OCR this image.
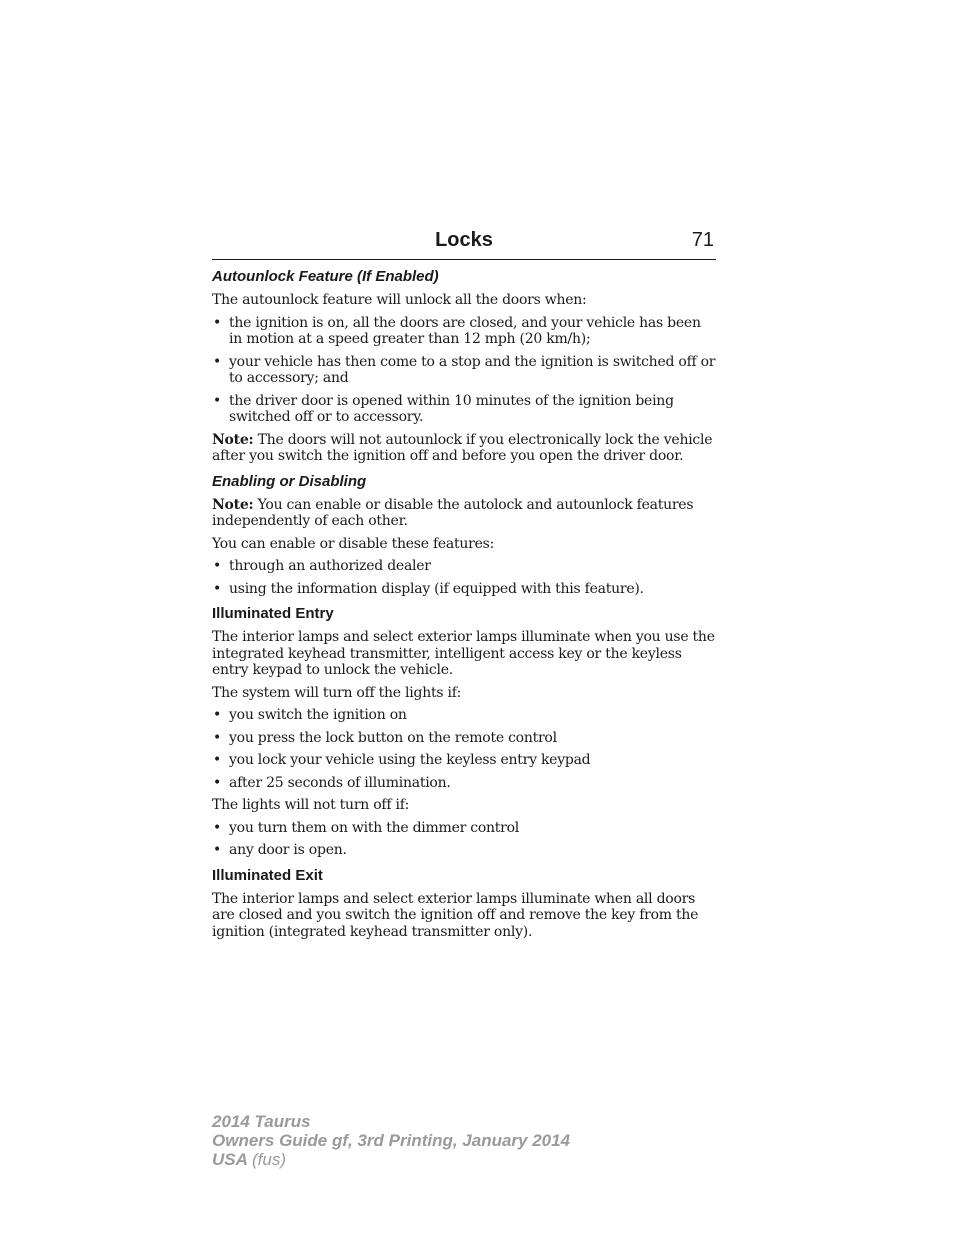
Locks	71
Autounlock Feature (If Enabled)

The autounlock feature will unlock all the doors when:

• the ignition is on, all the doors are closed, and your vehicle has been in motion at a speed greater than 12 mph (20 km/h);
• your vehicle has then come to a stop and the ignition is switched off or to accessory; and
• the driver door is opened within 10 minutes of the ignition being switched off or to accessory.

Note: The doors will not autounlock if you electronically lock the vehicle after you switch the ignition off and before you open the driver door.

Enabling or Disabling

Note: You can enable or disable the autolock and autounlock features independently of each other.

You can enable or disable these features:

• through an authorized dealer
• using the information display (if equipped with this feature).
Illuminated Entry

The interior lamps and select exterior lamps illuminate when you use the integrated keyhead transmitter, intelligent access key or the keyless entry keypad to unlock the vehicle.

The system will turn off the lights if:

• you switch the ignition on
• you press the lock button on the remote control
• you lock your vehicle using the keyless entry keypad
• after 25 seconds of illumination.

The lights will not turn off if:

• you turn them on with the dimmer control
• any door is open.
Illuminated Exit

The interior lamps and select exterior lamps illuminate when all doors are closed and you switch the ignition off and remove the key from the ignition (integrated keyhead transmitter only).

2014 Taurus
Owners Guide gf, 3rd Printing, January 2014
USA (fus)
